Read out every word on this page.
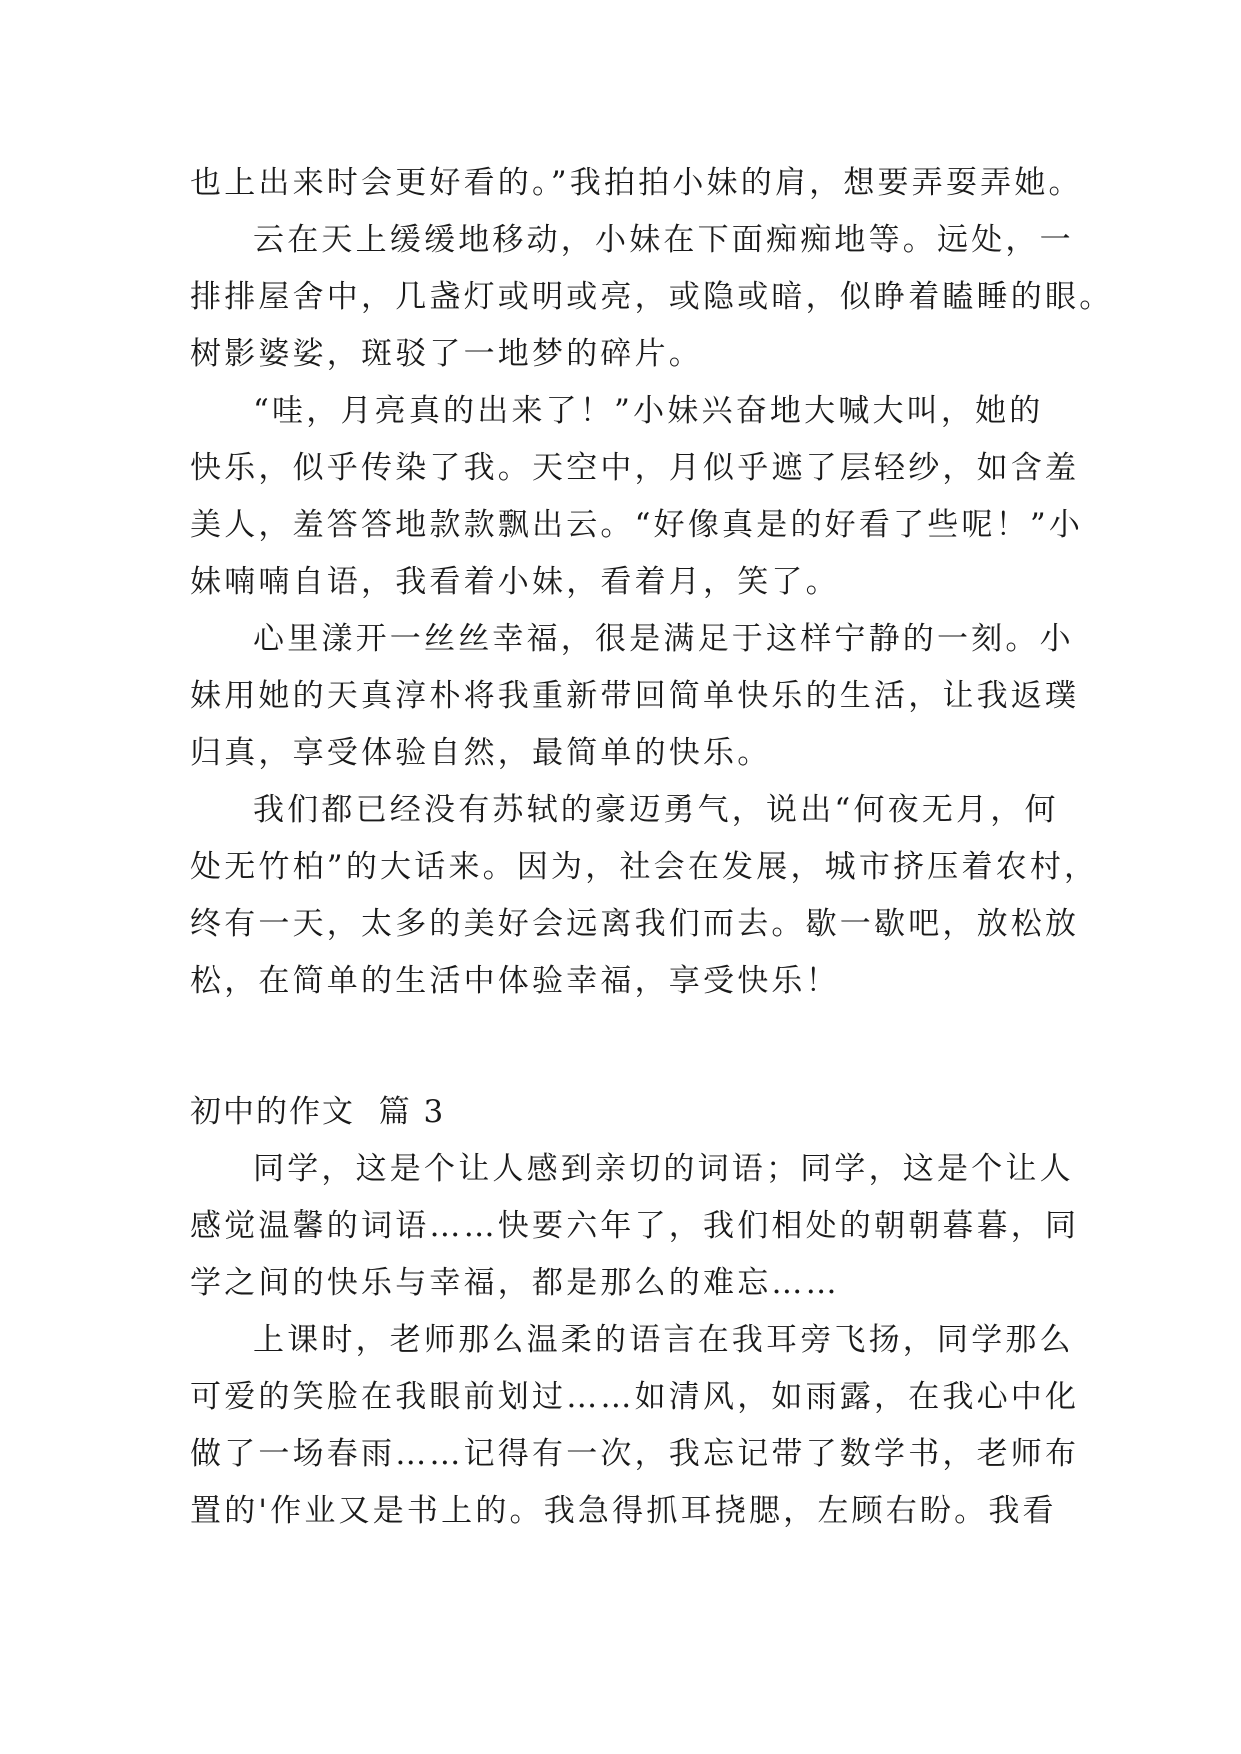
也上出来时会更好看的。”我拍拍小妹的肩，想要弄耍弄她。
云在天上缓缓地移动，小妹在下面痴痴地等。远处，一
排排屋舍中，几盏灯或明或亮，或隐或暗，似睁着瞌睡的眼。
树影婆娑，斑驳了一地梦的碎片。
“哇，月亮真的出来了！”小妹兴奋地大喊大叫，她的
快乐，似乎传染了我。天空中，月似乎遮了层轻纱，如含羞
美人，羞答答地款款飘出云。“好像真是的好看了些呢！”小
妹喃喃自语，我看着小妹，看着月，笑了。
心里漾开一丝丝幸福，很是满足于这样宁静的一刻。小
妹用她的天真淳朴将我重新带回简单快乐的生活，让我返璞
归真，享受体验自然，最简单的快乐。
我们都已经没有苏轼的豪迈勇气，说出“何夜无月，何
处无竹柏”的大话来。因为，社会在发展，城市挤压着农村，
终有一天，太多的美好会远离我们而去。歇一歇吧，放松放
松，在简单的生活中体验幸福，享受快乐！
初中的作文  篇 3
同学，这是个让人感到亲切的词语；同学，这是个让人
感觉温馨的词语……快要六年了，我们相处的朝朝暮暮，同
学之间的快乐与幸福，都是那么的难忘……
上课时，老师那么温柔的语言在我耳旁飞扬，同学那么
可爱的笑脸在我眼前划过……如清风，如雨露，在我心中化
做了一场春雨……记得有一次，我忘记带了数学书，老师布
置的'作业又是书上的。我急得抓耳挠腮，左顾右盼。我看
